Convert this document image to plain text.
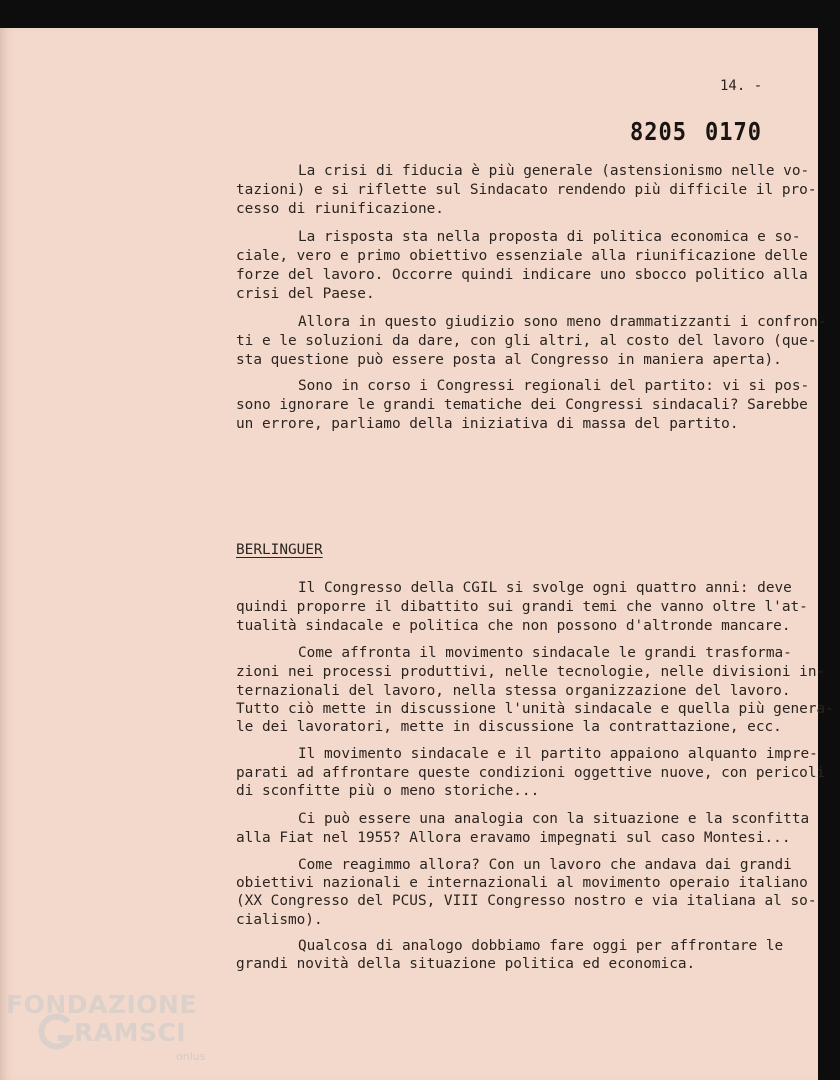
14. -

8205 0170

La crisi di fiducia è più generale (astensionismo nelle vo-

tazioni) e si riflette sul Sindacato rendendo più difficile il pro-

cesso di riunificazione.

La risposta sta nella proposta di politica economica e so-

ciale, vero e primo obiettivo essenziale alla riunificazione delle

forze del lavoro. Occorre quindi indicare uno sbocco politico alla

crisi del Paese.

Allora in questo giudizio sono meno drammatizzanti i confron-

ti e le soluzioni da dare, con gli altri, al costo del lavoro (que-

sta questione può essere posta al Congresso in maniera aperta).

Sono in corso i Congressi regionali del partito: vi si pos-

sono ignorare le grandi tematiche dei Congressi sindacali? Sarebbe

un errore, parliamo della iniziativa di massa del partito.

BERLINGUER

Il Congresso della CGIL si svolge ogni quattro anni: deve

quindi proporre il dibattito sui grandi temi che vanno oltre l'at-

tualità sindacale e politica che non possono d'altronde mancare.

Come affronta il movimento sindacale le grandi trasforma-

zioni nei processi produttivi, nelle tecnologie, nelle divisioni in-

ternazionali del lavoro, nella stessa organizzazione del lavoro.

Tutto ciò mette in discussione l'unità sindacale e quella più genera-

le dei lavoratori, mette in discussione la contrattazione, ecc.

Il movimento sindacale e il partito appaiono alquanto impre-

parati ad affrontare queste condizioni oggettive nuove, con pericoli

di sconfitte più o meno storiche...

Ci può essere una analogia con la situazione e la sconfitta

alla Fiat nel 1955? Allora eravamo impegnati sul caso Montesi...

Come reagimmo allora? Con un lavoro che andava dai grandi

obiettivi nazionali e internazionali al movimento operaio italiano

(XX Congresso del PCUS, VIII Congresso nostro e via italiana al so-

cialismo).

Qualcosa di analogo dobbiamo fare oggi per affrontare le

grandi novità della situazione politica ed economica.

FONDAZIONE
RAMSCI
onlus
